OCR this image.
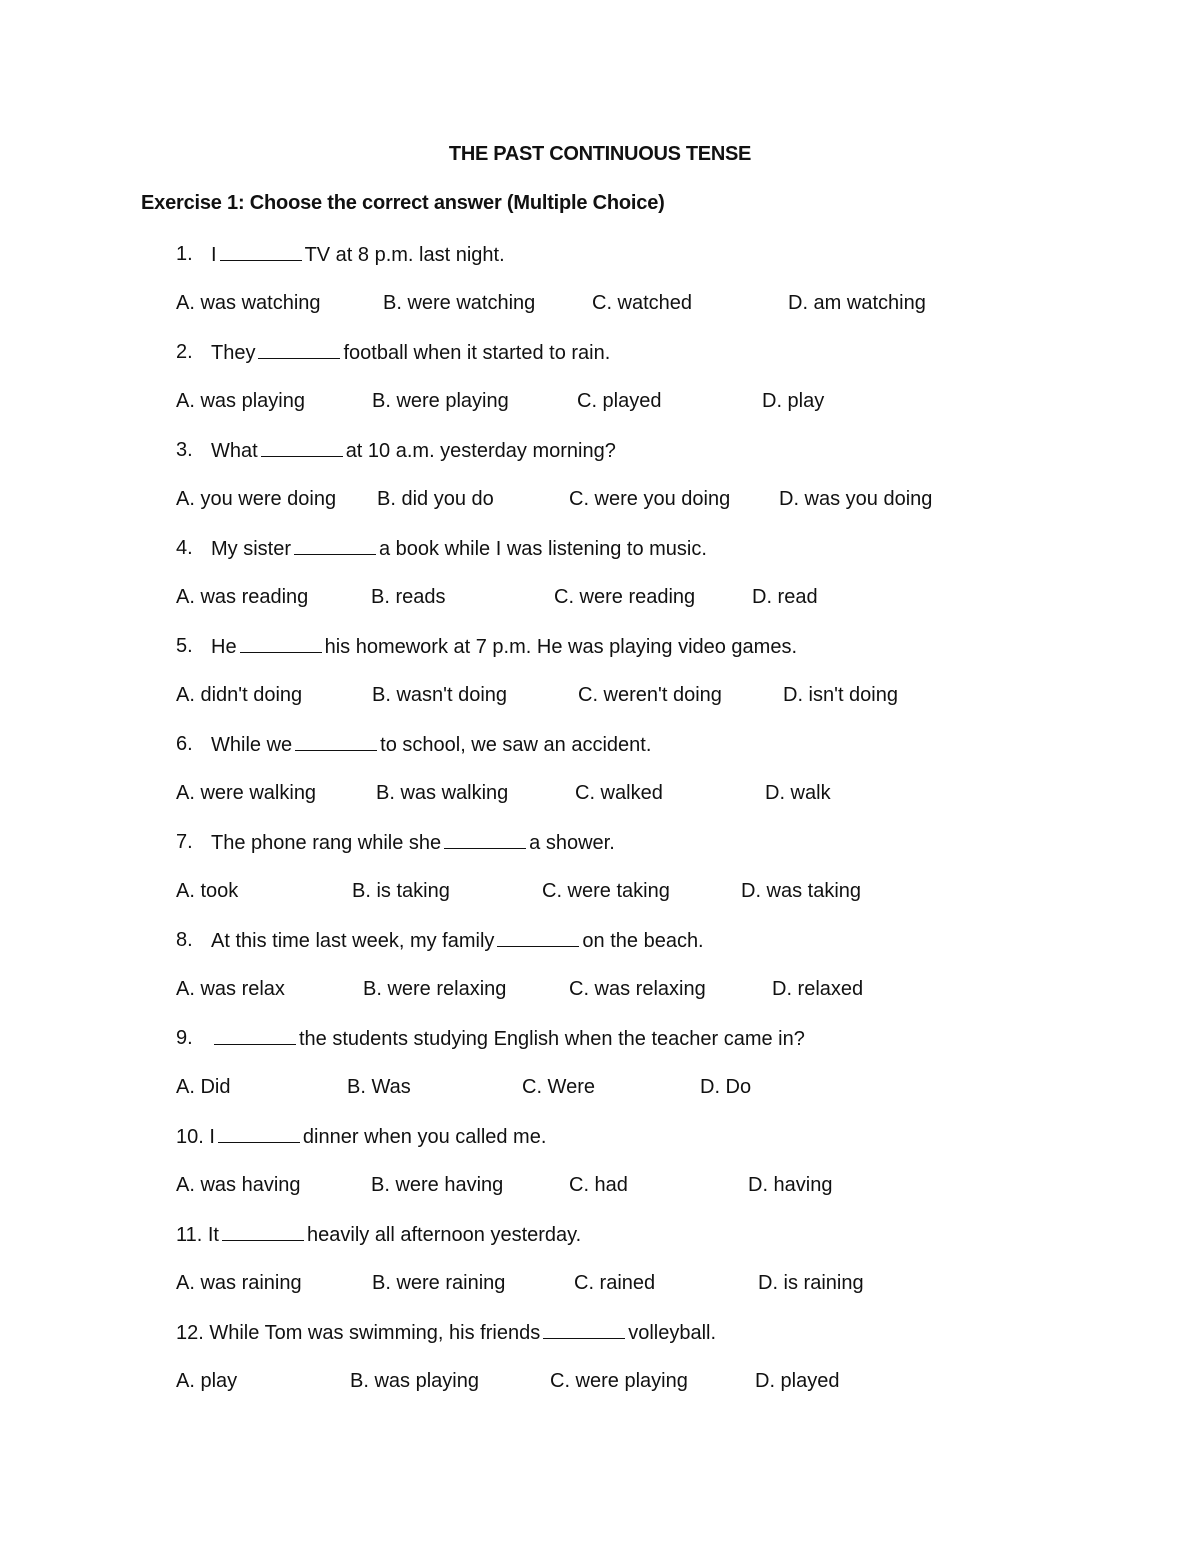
THE PAST CONTINUOUS TENSE
Exercise 1: Choose the correct answer (Multiple Choice)
1. I	TV at 8 p.m. last night.
A. was watching	B. were watching	C. watched	D. am watching
2. They	football when it started to rain.
A. was playing	B. were playing	C. played	D. play
3. What	at 10 a.m. yesterday morning?
A. you were doing B. did you do	C. were you doing D. was you doing
4. My sister	a book while I was listening to music.
A. was reading	B. reads	C. were reading	D. read
5. He	his homework at 7 p.m. He was playing video games.
A. didn't doing	B. wasn't doing	C. weren't doing	D. isn't doing
6. While we	to school, we saw an accident.
A. were walking	B. was walking	C. walked	D. walk
7. The phone rang while she	a shower.
A. took	B. is taking	C. were taking	D. was taking
8. At this time last week, my family	on the beach.
A. was relax	B. were relaxing	C. was relaxing	D. relaxed
9.	the students studying English when the teacher came in?
A. Did	B. Was	C. Were	D. Do
10. I	dinner when you called me.
A. was having	B. were having	C. had	D. having
11. It	heavily all afternoon yesterday.
A. was raining	B. were raining	C. rained	D. is raining
12. While Tom was swimming, his friends	volleyball.
A. play	B. was playing	C. were playing	D. played
